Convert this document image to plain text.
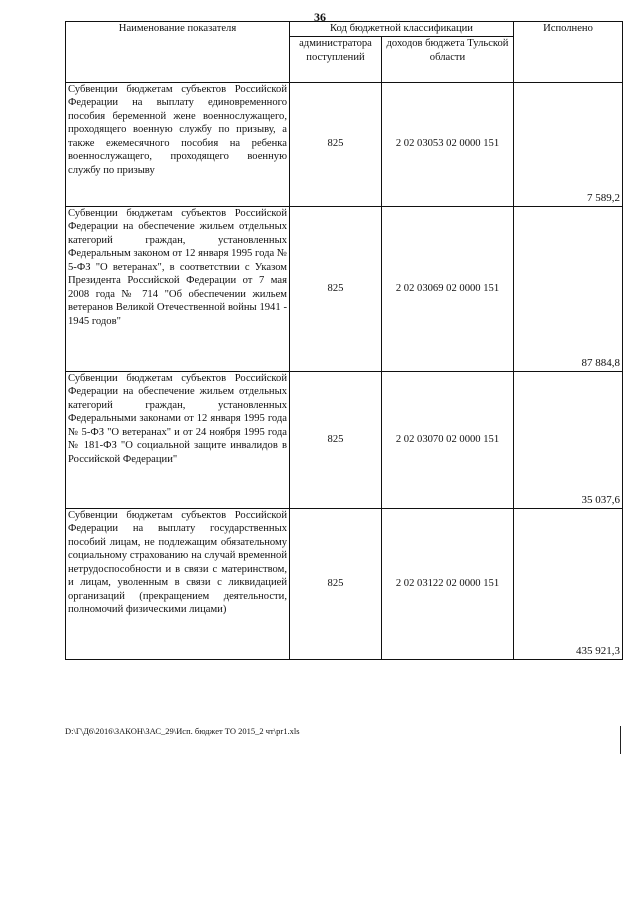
36
Наименование показателя	Код бюджетной классификации		Исполнено
	администратора поступлений	доходов бюджета Тульской области	
Субвенции бюджетам субъектов Российской Федерации на выплату единовременного пособия беременной жене военнослужащего, проходящего военную службу по призыву, а также ежемесячного пособия на ребенка военнослужащего, проходящего военную службу по призыву	825	2 02 03053 02 0000 151	7 589,2
Субвенции бюджетам субъектов Российской Федерации на обеспечение жильем отдельных категорий граждан, установленных Федеральным законом от 12 января 1995 года № 5-ФЗ "О ветеранах", в соответствии с Указом Президента Российской Федерации от 7 мая 2008 года № 714 "Об обеспечении жильем ветеранов Великой Отечественной войны 1941 - 1945 годов"	825	2 02 03069 02 0000 151	87 884,8
Субвенции бюджетам субъектов Российской Федерации на обеспечение жильем отдельных категорий граждан, установленных Федеральными законами от 12 января 1995 года № 5-ФЗ "О ветеранах" и от 24 ноября 1995 года № 181-ФЗ "О социальной защите инвалидов в Российской Федерации"	825	2 02 03070 02 0000 151	35 037,6
Субвенции бюджетам субъектов Российской Федерации на выплату государственных пособий лицам, не подлежащим обязательному социальному страхованию на случай временной нетрудоспособности и в связи с материнством, и лицам, уволенным в связи с ликвидацией организаций (прекращением деятельности, полномочий физическими лицами)	825	2 02 03122 02 0000 151	435 921,3
D:\Г\Д6\2016\ЗАКОН\ЗАС_29\Исп. бюджет ТО 2015_2 чт\pr1.xls
